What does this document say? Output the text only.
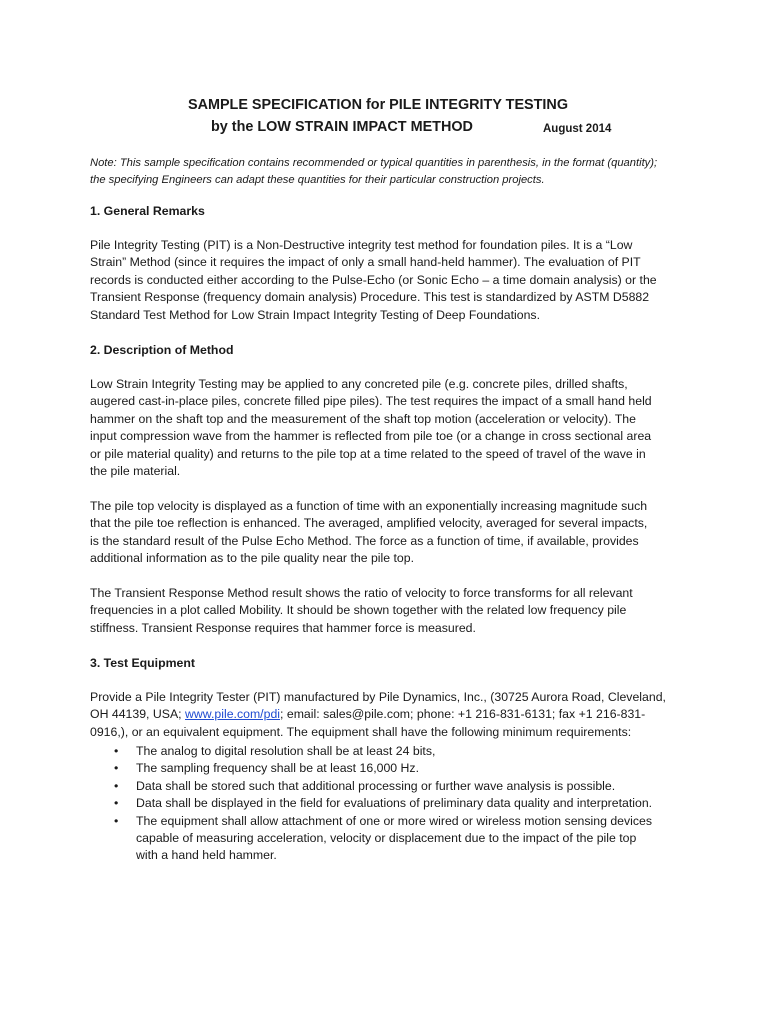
SAMPLE SPECIFICATION for PILE INTEGRITY TESTING
by the LOW STRAIN IMPACT METHOD	August 2014
Note: This sample specification contains recommended or typical quantities in parenthesis, in the format (quantity);
the specifying Engineers can adapt these quantities for their particular construction projects.
1. General Remarks
Pile Integrity Testing (PIT) is a Non-Destructive integrity test method for foundation piles. It is a “Low
Strain” Method (since it requires the impact of only a small hand-held hammer). The evaluation of PIT
records is conducted either according to the Pulse-Echo (or Sonic Echo – a time domain analysis) or the
Transient Response (frequency domain analysis) Procedure. This test is standardized by ASTM D5882
Standard Test Method for Low Strain Impact Integrity Testing of Deep Foundations.
2. Description of Method
Low Strain Integrity Testing may be applied to any concreted pile (e.g. concrete piles, drilled shafts,
augered cast-in-place piles, concrete filled pipe piles). The test requires the impact of a small hand held
hammer on the shaft top and the measurement of the shaft top motion (acceleration or velocity). The
input compression wave from the hammer is reflected from pile toe (or a change in cross sectional area
or pile material quality) and returns to the pile top at a time related to the speed of travel of the wave in
the pile material.
The pile top velocity is displayed as a function of time with an exponentially increasing magnitude such
that the pile toe reflection is enhanced. The averaged, amplified velocity, averaged for several impacts,
is the standard result of the Pulse Echo Method. The force as a function of time, if available, provides
additional information as to the pile quality near the pile top.
The Transient Response Method result shows the ratio of velocity to force transforms for all relevant
frequencies in a plot called Mobility. It should be shown together with the related low frequency pile
stiffness. Transient Response requires that hammer force is measured.
3. Test Equipment
Provide a Pile Integrity Tester (PIT) manufactured by Pile Dynamics, Inc., (30725 Aurora Road, Cleveland,
OH 44139, USA; www.pile.com/pdi; email: sales@pile.com; phone: +1 216-831-6131; fax +1 216-831-
0916,), or an equivalent equipment. The equipment shall have the following minimum requirements:
• The analog to digital resolution shall be at least 24 bits,
• The sampling frequency shall be at least 16,000 Hz.
• Data shall be stored such that additional processing or further wave analysis is possible.
• Data shall be displayed in the field for evaluations of preliminary data quality and interpretation.
• The equipment shall allow attachment of one or more wired or wireless motion sensing devices
capable of measuring acceleration, velocity or displacement due to the impact of the pile top
with a hand held hammer.
